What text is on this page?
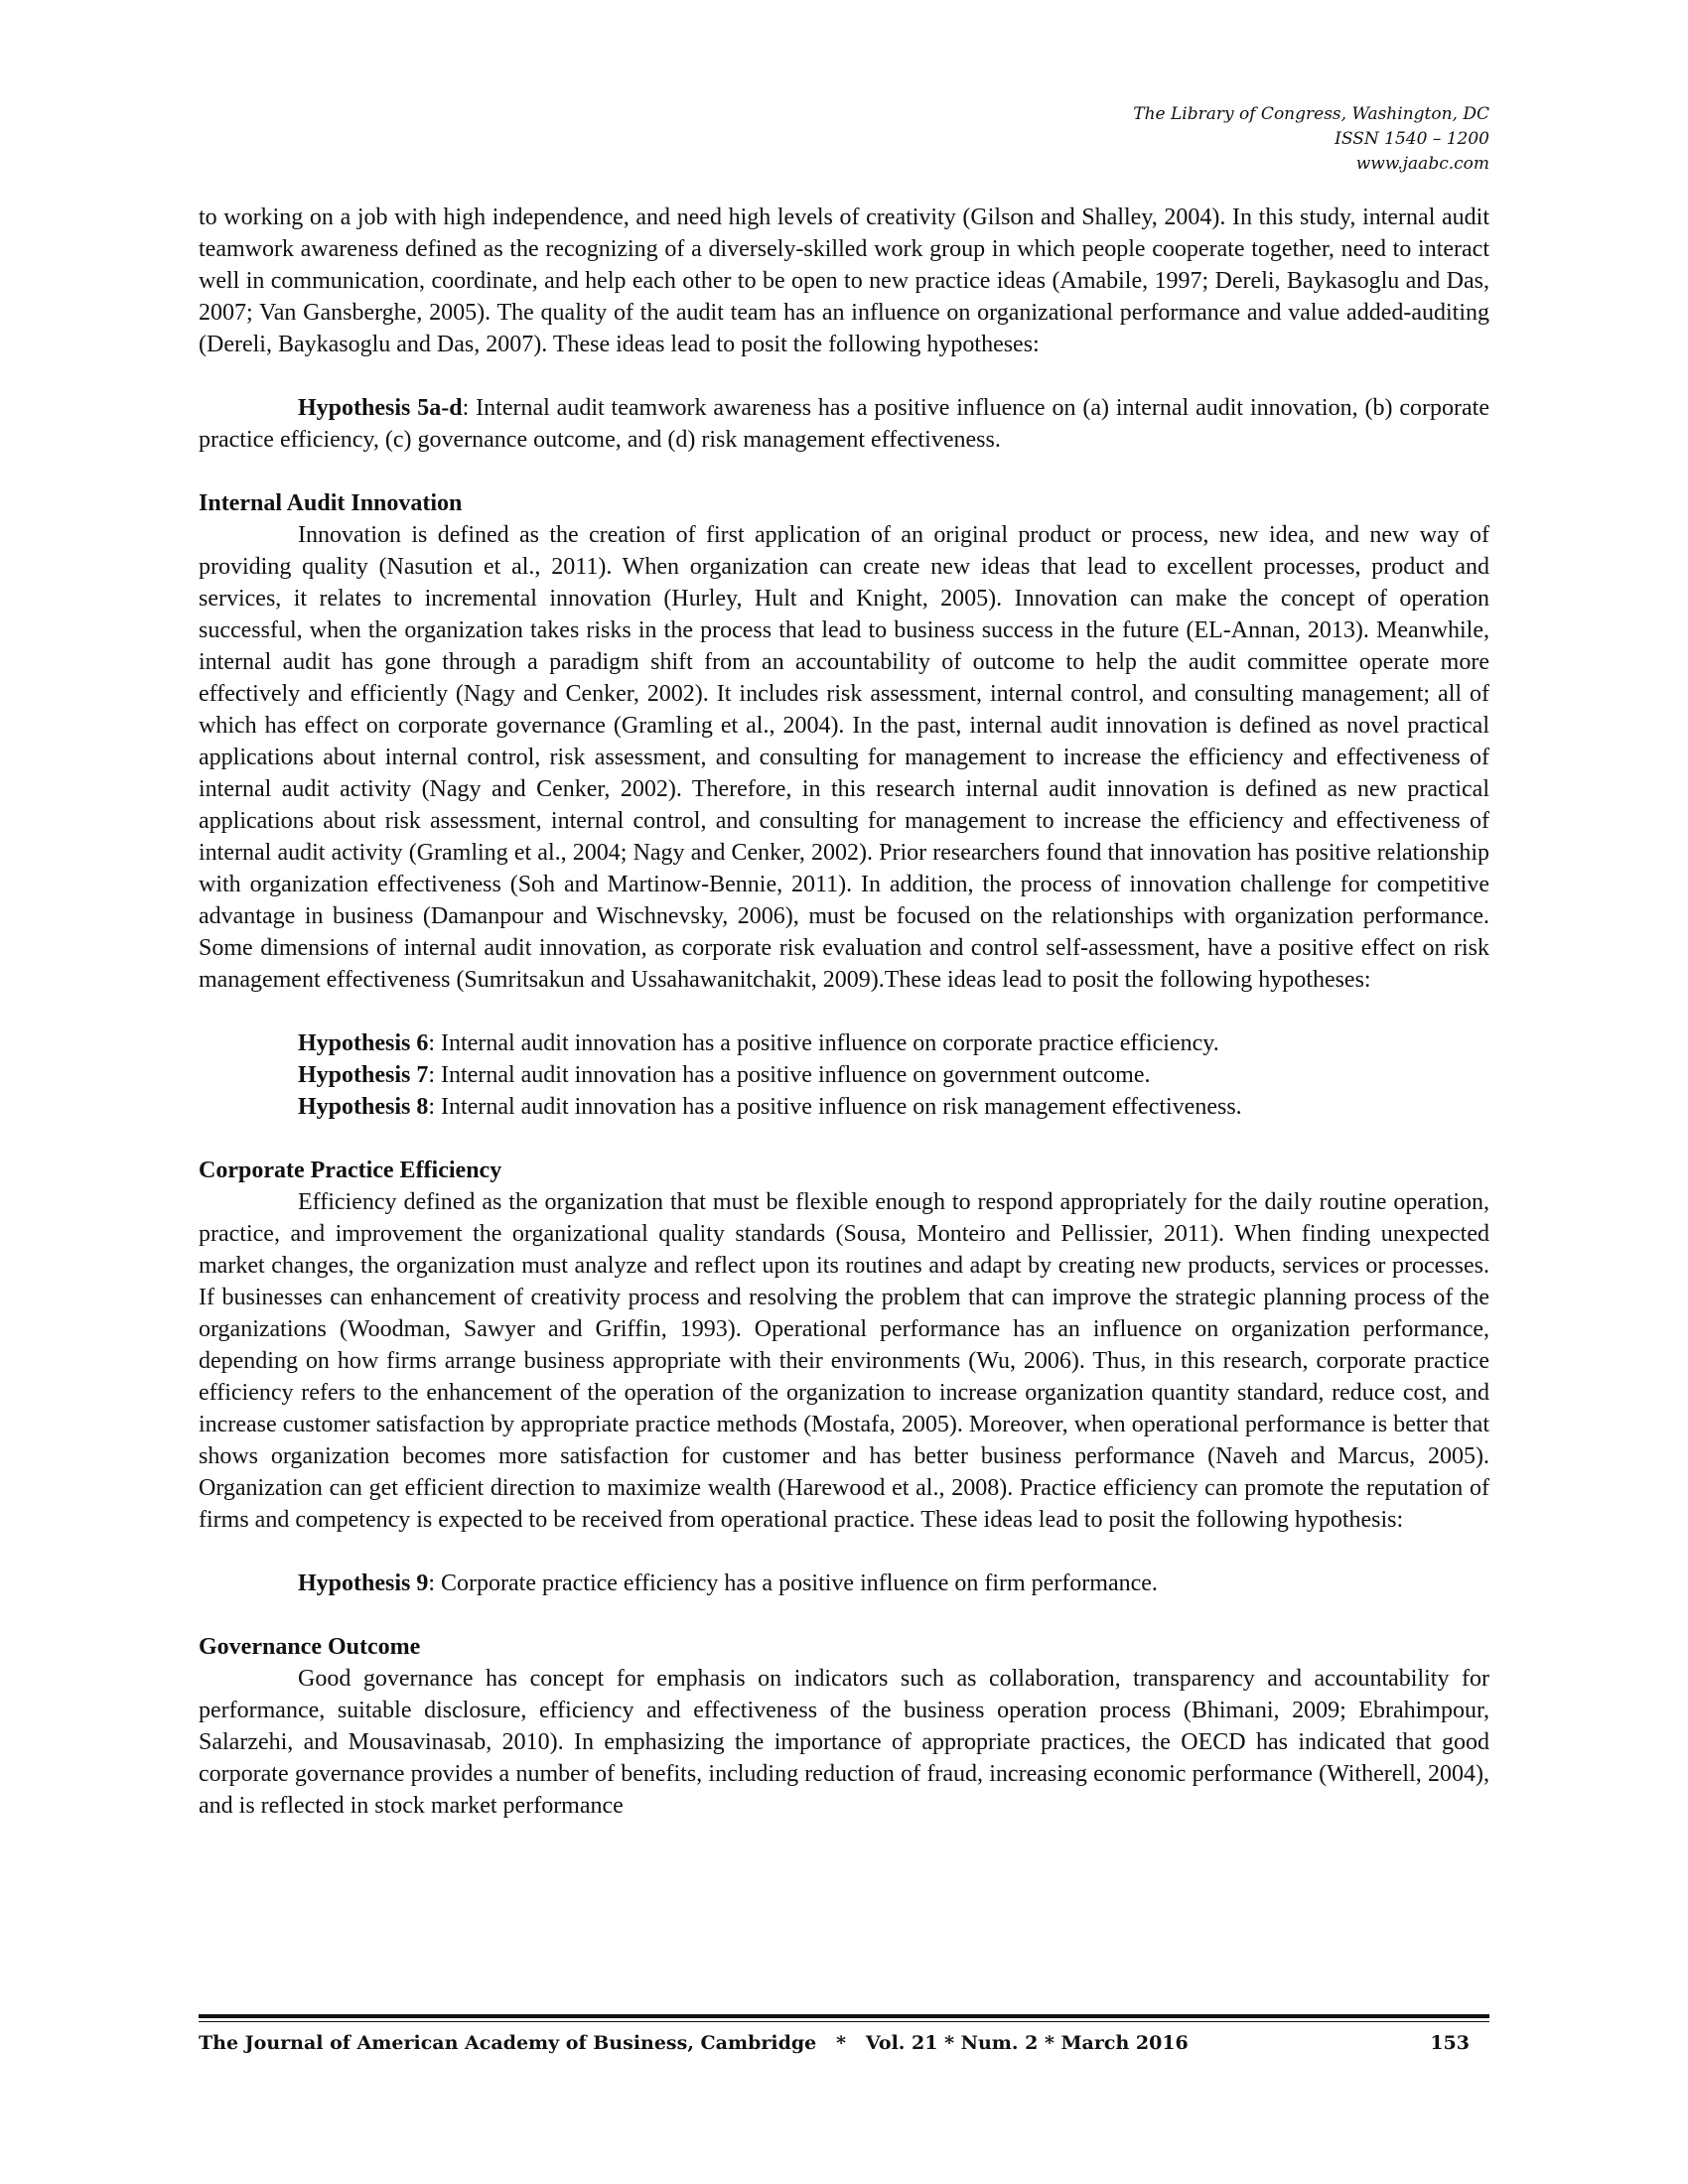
The Library of Congress, Washington, DC
ISSN 1540 – 1200
www.jaabc.com

to working on a job with high independence, and need high levels of creativity (Gilson and Shalley, 2004). In this study, internal audit teamwork awareness defined as the recognizing of a diversely-skilled work group in which people cooperate together, need to interact well in communication, coordinate, and help each other to be open to new practice ideas (Amabile, 1997; Dereli, Baykasoglu and Das, 2007; Van Gansberghe, 2005). The quality of the audit team has an influence on organizational performance and value added-auditing (Dereli, Baykasoglu and Das, 2007). These ideas lead to posit the following hypotheses:

Hypothesis 5a-d: Internal audit teamwork awareness has a positive influence on (a) internal audit innovation, (b) corporate practice efficiency, (c) governance outcome, and (d) risk management effectiveness.

Internal Audit Innovation

Innovation is defined as the creation of first application of an original product or process, new idea, and new way of providing quality (Nasution et al., 2011). When organization can create new ideas that lead to excellent processes, product and services, it relates to incremental innovation (Hurley, Hult and Knight, 2005). Innovation can make the concept of operation successful, when the organization takes risks in the process that lead to business success in the future (EL-Annan, 2013). Meanwhile, internal audit has gone through a paradigm shift from an accountability of outcome to help the audit committee operate more effectively and efficiently (Nagy and Cenker, 2002). It includes risk assessment, internal control, and consulting management; all of which has effect on corporate governance (Gramling et al., 2004). In the past, internal audit innovation is defined as novel practical applications about internal control, risk assessment, and consulting for management to increase the efficiency and effectiveness of internal audit activity (Nagy and Cenker, 2002). Therefore, in this research internal audit innovation is defined as new practical applications about risk assessment, internal control, and consulting for management to increase the efficiency and effectiveness of internal audit activity (Gramling et al., 2004; Nagy and Cenker, 2002). Prior researchers found that innovation has positive relationship with organization effectiveness (Soh and Martinow-Bennie, 2011). In addition, the process of innovation challenge for competitive advantage in business (Damanpour and Wischnevsky, 2006), must be focused on the relationships with organization performance. Some dimensions of internal audit innovation, as corporate risk evaluation and control self-assessment, have a positive effect on risk management effectiveness (Sumritsakun and Ussahawanitchakit, 2009).These ideas lead to posit the following hypotheses:

Hypothesis 6: Internal audit innovation has a positive influence on corporate practice efficiency.

Hypothesis 7: Internal audit innovation has a positive influence on government outcome.

Hypothesis 8: Internal audit innovation has a positive influence on risk management effectiveness.

Corporate Practice Efficiency

Efficiency defined as the organization that must be flexible enough to respond appropriately for the daily routine operation, practice, and improvement the organizational quality standards (Sousa, Monteiro and Pellissier, 2011). When finding unexpected market changes, the organization must analyze and reflect upon its routines and adapt by creating new products, services or processes. If businesses can enhancement of creativity process and resolving the problem that can improve the strategic planning process of the organizations (Woodman, Sawyer and Griffin, 1993). Operational performance has an influence on organization performance, depending on how firms arrange business appropriate with their environments (Wu, 2006). Thus, in this research, corporate practice efficiency refers to the enhancement of the operation of the organization to increase organization quantity standard, reduce cost, and increase customer satisfaction by appropriate practice methods (Mostafa, 2005). Moreover, when operational performance is better that shows organization becomes more satisfaction for customer and has better business performance (Naveh and Marcus, 2005). Organization can get efficient direction to maximize wealth (Harewood et al., 2008). Practice efficiency can promote the reputation of firms and competency is expected to be received from operational practice. These ideas lead to posit the following hypothesis:

Hypothesis 9: Corporate practice efficiency has a positive influence on firm performance.

Governance Outcome

Good governance has concept for emphasis on indicators such as collaboration, transparency and accountability for performance, suitable disclosure, efficiency and effectiveness of the business operation process (Bhimani, 2009; Ebrahimpour, Salarzehi, and Mousavinasab, 2010). In emphasizing the importance of appropriate practices, the OECD has indicated that good corporate governance provides a number of benefits, including reduction of fraud, increasing economic performance (Witherell, 2004), and is reflected in stock market performance

The Journal of American Academy of Business, Cambridge   *   Vol. 21 * Num. 2 * March 2016	153
